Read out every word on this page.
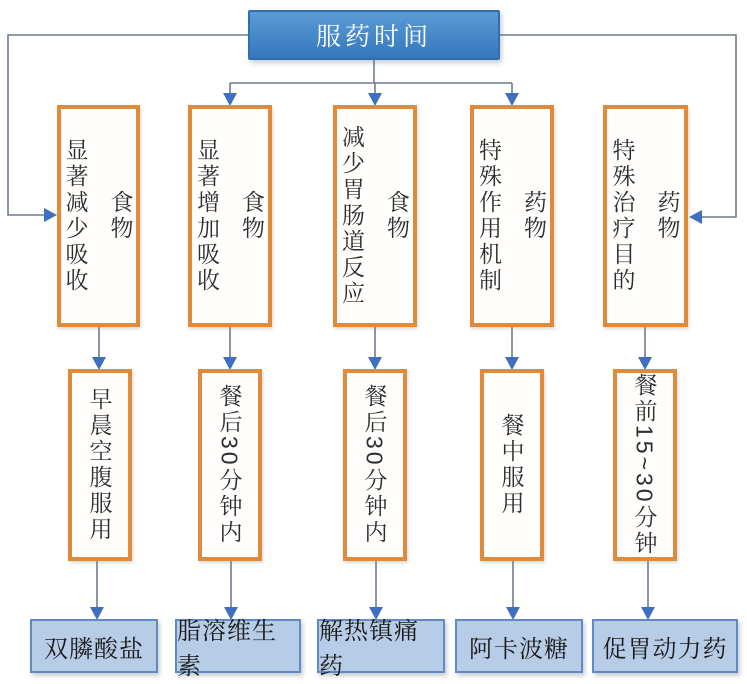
服药时间
显著减少吸收 食物	显著增加吸收 食物	减少胃肠道反应 食物	特殊作用机制 药物	特殊治疗目的 药物
早晨空腹服用	餐后30分钟内	餐后30分钟内	餐中服用	餐前15~30分钟
双膦酸盐
脂溶维生素
解热镇痛药
阿卡波糖 促胃动力药
